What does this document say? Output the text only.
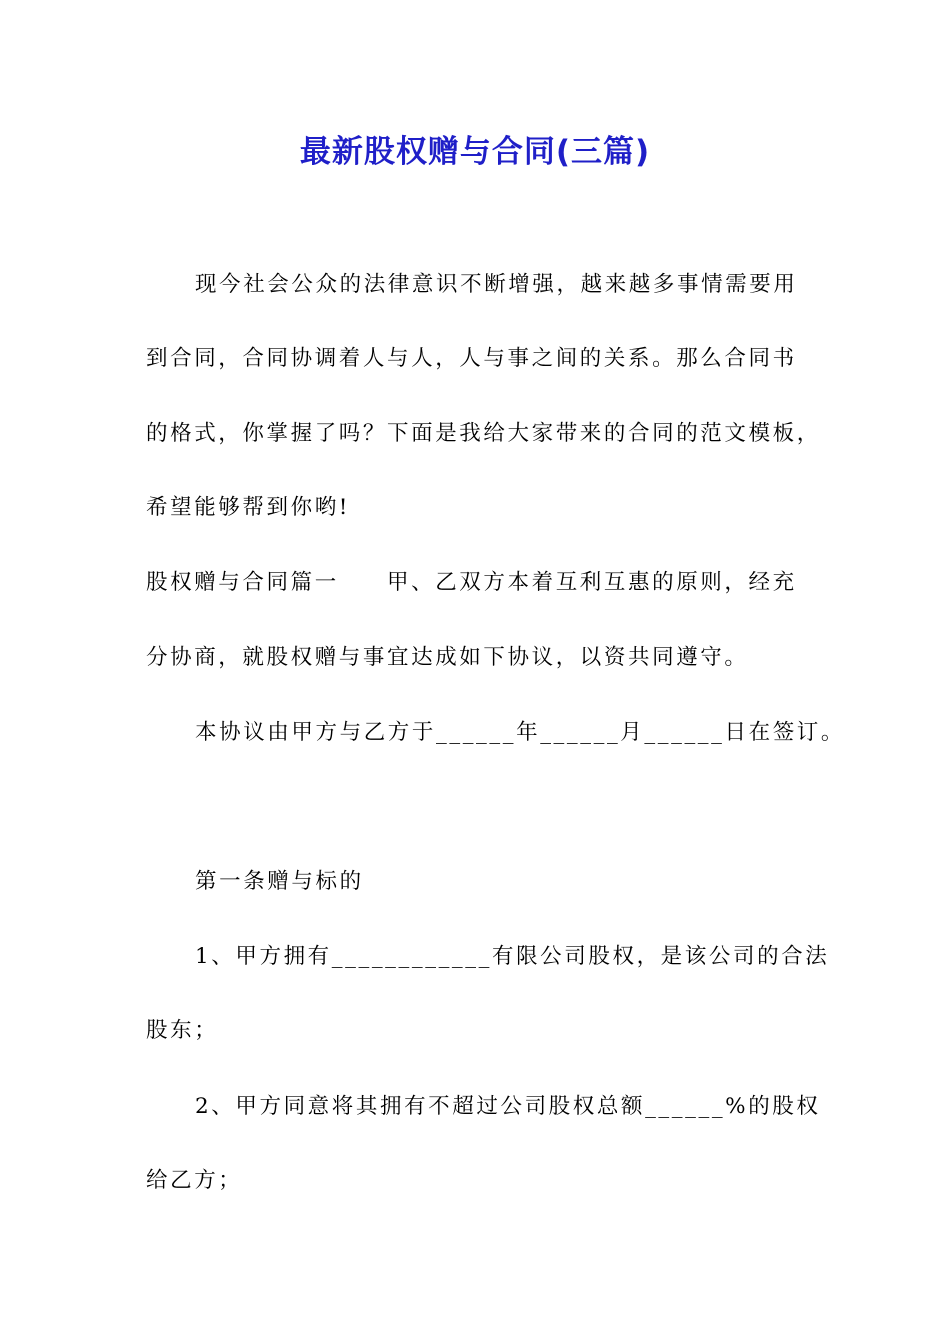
最新股权赠与合同(三篇)
现今社会公众的法律意识不断增强，越来越多事情需要用
到合同，合同协调着人与人，人与事之间的关系。那么合同书
的格式，你掌握了吗？下面是我给大家带来的合同的范文模板，
希望能够帮到你哟!
股权赠与合同篇一　　甲、乙双方本着互利互惠的原则，经充
分协商，就股权赠与事宜达成如下协议，以资共同遵守。
本协议由甲方与乙方于______年______月______日在签订。
第一条赠与标的
1、甲方拥有____________有限公司股权，是该公司的合法
股东；
2、甲方同意将其拥有不超过公司股权总额______%的股权
给乙方；
